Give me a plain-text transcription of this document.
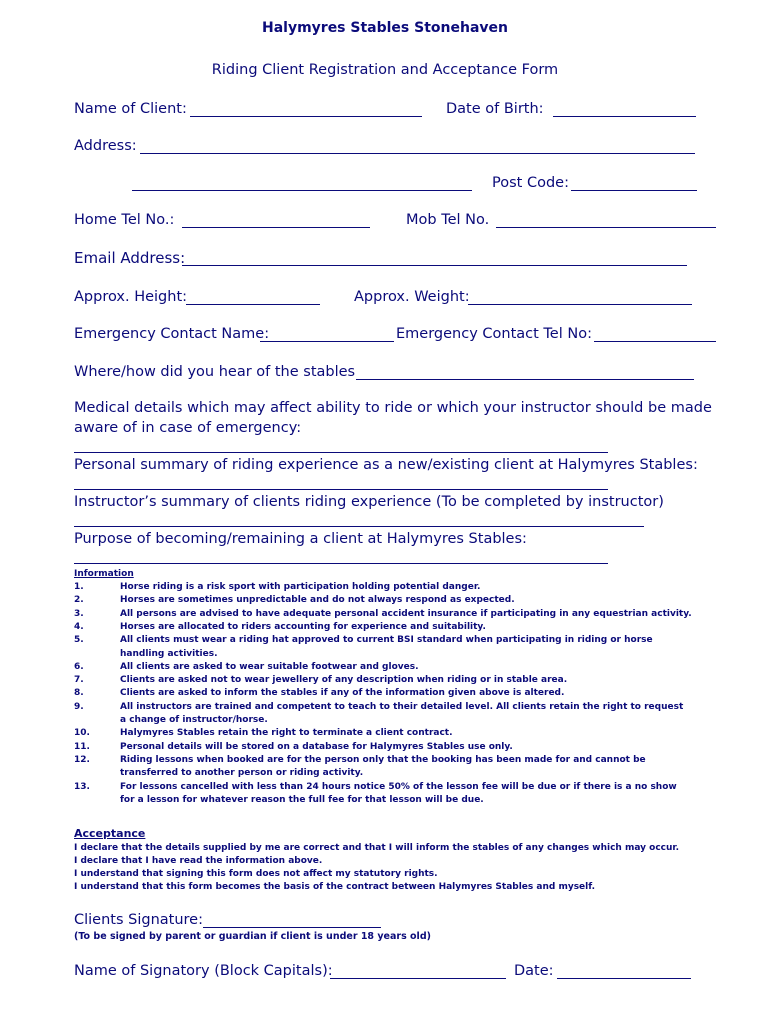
Halymyres Stables Stonehaven
Riding Client Registration and Acceptance Form
Name of Client:	Date of Birth:
Address:
Post Code:
Home Tel No.:	Mob Tel No.
Email Address:
Approx. Height:	Approx. Weight:
Emergency Contact Name:	Emergency Contact Tel No:
Where/how did you hear of the stables
Medical details which may affect ability to ride or which your instructor should be made
aware of in case of emergency:
Personal summary of riding experience as a new/existing client at Halymyres Stables:
Instructor’s summary of clients riding experience (To be completed by instructor)
Purpose of becoming/remaining a client at Halymyres Stables:
Information
1.	Horse riding is a risk sport with participation holding potential danger.
2.	Horses are sometimes unpredictable and do not always respond as expected.
3.	All persons are advised to have adequate personal accident insurance if participating in any equestrian activity.
4.	Horses are allocated to riders accounting for experience and suitability.
5.	All clients must wear a riding hat approved to current BSI standard when participating in riding or horse
handling activities.
6.	All clients are asked to wear suitable footwear and gloves.
7.	Clients are asked not to wear jewellery of any description when riding or in stable area.
8.	Clients are asked to inform the stables if any of the information given above is altered.
9.	All instructors are trained and competent to teach to their detailed level. All clients retain the right to request
a change of instructor/horse.
10.	Halymyres Stables retain the right to terminate a client contract.
11.	Personal details will be stored on a database for Halymyres Stables use only.
12.	Riding lessons when booked are for the person only that the booking has been made for and cannot be
transferred to another person or riding activity.
13.	For lessons cancelled with less than 24 hours notice 50% of the lesson fee will be due or if there is a no show
for a lesson for whatever reason the full fee for that lesson will be due.
Acceptance
I declare that the details supplied by me are correct and that I will inform the stables of any changes which may occur.
I declare that I have read the information above.
I understand that signing this form does not affect my statutory rights.
I understand that this form becomes the basis of the contract between Halymyres Stables and myself.
Clients Signature:
(To be signed by parent or guardian if client is under 18 years old)
Name of Signatory (Block Capitals):	Date:
